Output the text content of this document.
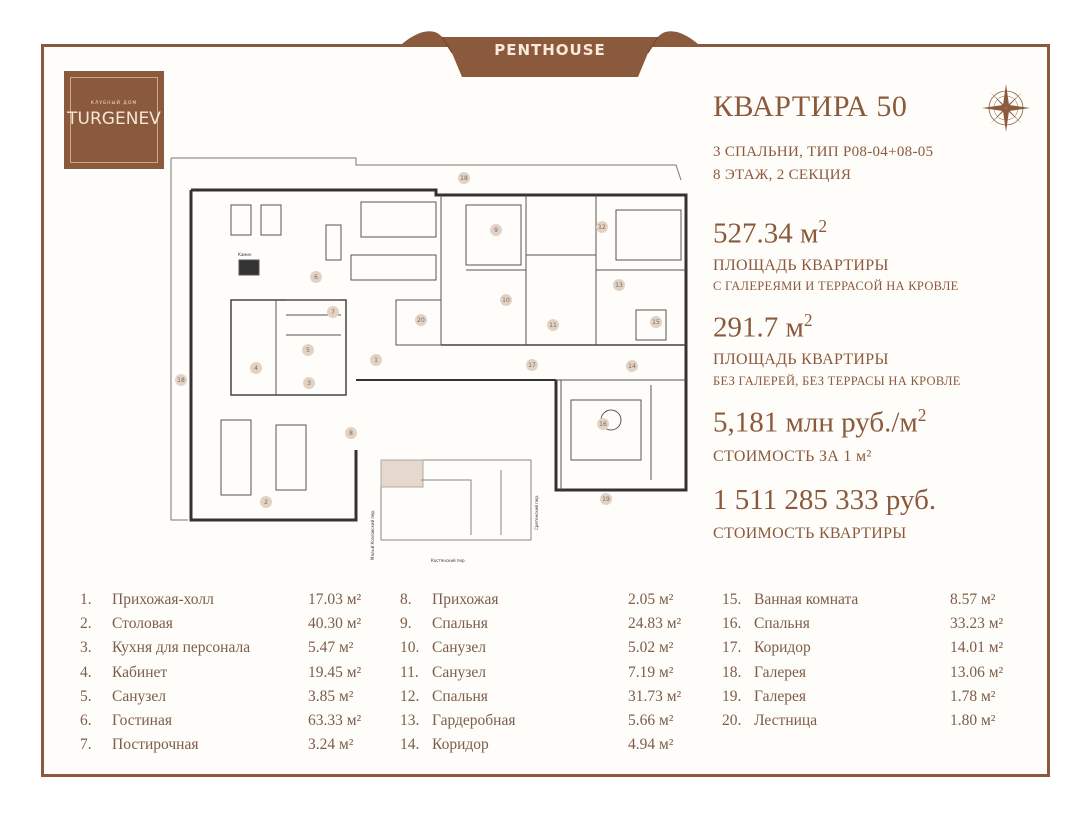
PENTHOUSE
КЛУБНЫЙ ДОМ
TURGENEV	КВАРТИРА 50
3 СПАЛЬНИ, ТИП P08-04+08-05
8 ЭТАЖ, 2 СЕКЦИЯ
527.34 $м^2$
ПЛОЩАДЬ КВАРТИРЫ
С ГАЛЕРЕЯМИ И ТЕРРАСОЙ НА КРОВЛЕ
291.7 $м^2$
ПЛОЩАДЬ КВАРТИРЫ
БЕЗ ГАЛЕРЕЙ, БЕЗ ТЕРРАСЫ НА КРОВЛЕ
5,181 млн $руб./м^2$
СТОИМОСТЬ ЗА 1 м²
1 511 285 333 руб.
СТОИМОСТЬ КВАРТИРЫ
1
2
3
4
5
6
7
8
9
10
11
12
13
14
15
16
17
18
19
20
18
Камин
Малый Козловский пер.
Костянский пер.
Сретенский пер.
1. Прихожая-холл	17.03 м²
2. Столовая	40.30 м²
3. Кухня для персонала	5.47 м²
4. Кабинет	19.45 м²
5. Санузел	3.85 м²
6. Гостиная	63.33 м²
7. Постирочная	3.24 м²
8. Прихожая	2.05 м²
9. Спальня	24.83 м²
10. Санузел	5.02 м²
11. Санузел	7.19 м²
12. Спальня	31.73 м²
13. Гардеробная	5.66 м²
14. Коридор	4.94 м²
15. Ванная комната	8.57 м²
16. Спальня	33.23 м²
17. Коридор	14.01 м²
18. Галерея	13.06 м²
19. Галерея	1.78 м²
20. Лестница	1.80 м²
